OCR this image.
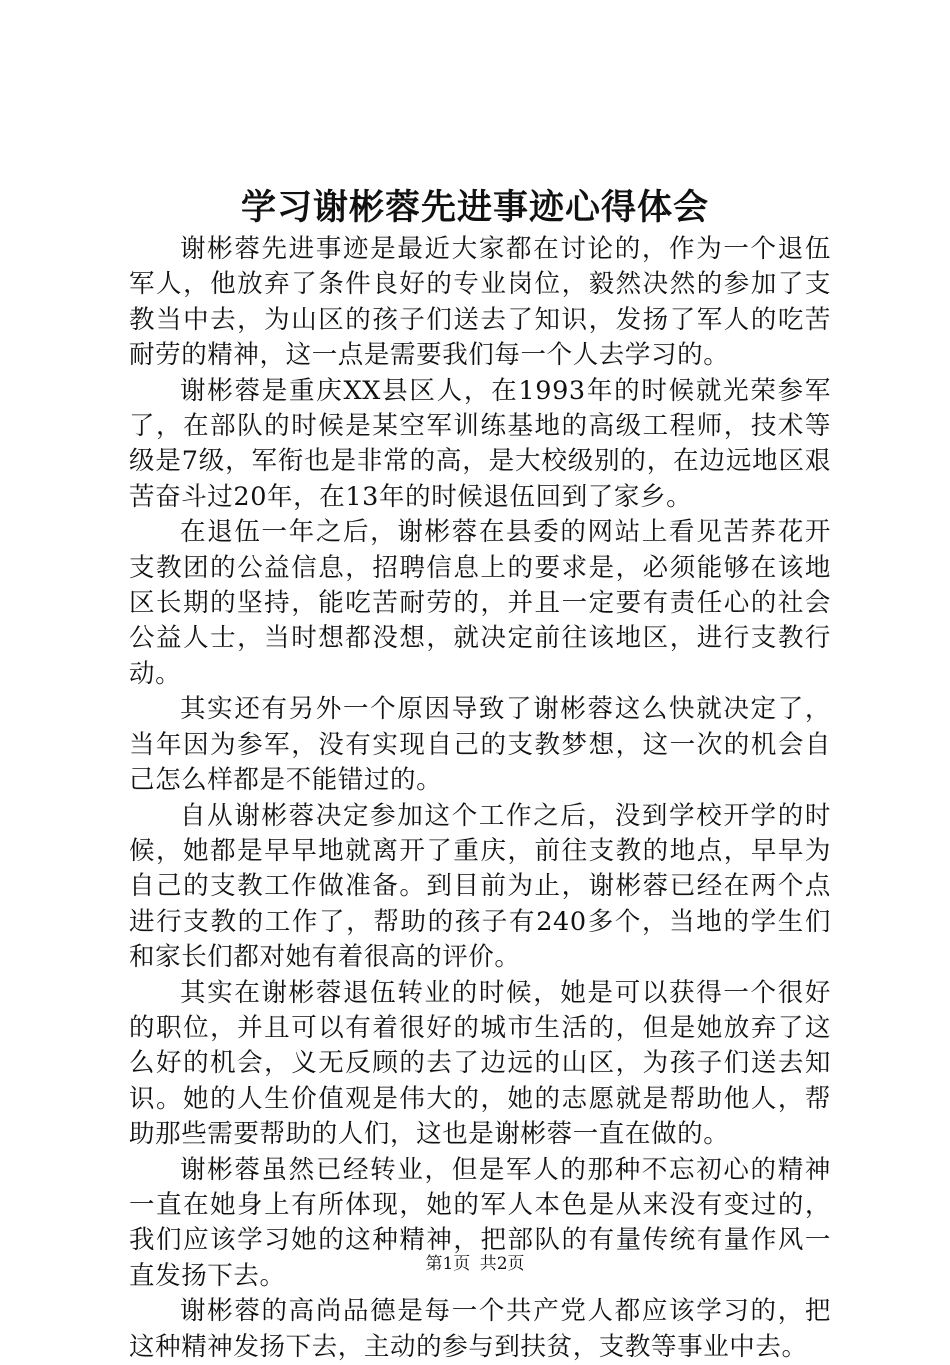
学习谢彬蓉先进事迹心得体会

谢彬蓉先进事迹是最近大家都在讨论的，作为一个退伍军人，他放弃了条件良好的专业岗位，毅然决然的参加了支教当中去，为山区的孩子们送去了知识，发扬了军人的吃苦耐劳的精神，这一点是需要我们每一个人去学习的。

谢彬蓉是重庆XX县区人，在1993年的时候就光荣参军了，在部队的时候是某空军训练基地的高级工程师，技术等级是7级，军衔也是非常的高，是大校级别的，在边远地区艰苦奋斗过20年，在13年的时候退伍回到了家乡。

在退伍一年之后，谢彬蓉在县委的网站上看见苦荞花开支教团的公益信息，招聘信息上的要求是，必须能够在该地区长期的坚持，能吃苦耐劳的，并且一定要有责任心的社会公益人士，当时想都没想，就决定前往该地区，进行支教行动。

其实还有另外一个原因导致了谢彬蓉这么快就决定了，当年因为参军，没有实现自己的支教梦想，这一次的机会自己怎么样都是不能错过的。

自从谢彬蓉决定参加这个工作之后，没到学校开学的时候，她都是早早地就离开了重庆，前往支教的地点，早早为自己的支教工作做准备。到目前为止，谢彬蓉已经在两个点进行支教的工作了，帮助的孩子有240多个，当地的学生们和家长们都对她有着很高的评价。

其实在谢彬蓉退伍转业的时候，她是可以获得一个很好的职位，并且可以有着很好的城市生活的，但是她放弃了这么好的机会，义无反顾的去了边远的山区，为孩子们送去知识。她的人生价值观是伟大的，她的志愿就是帮助他人，帮助那些需要帮助的人们，这也是谢彬蓉一直在做的。

谢彬蓉虽然已经转业，但是军人的那种不忘初心的精神一直在她身上有所体现，她的军人本色是从来没有变过的，我们应该学习她的这种精神，把部队的有量传统有量作风一直发扬下去。

谢彬蓉的高尚品德是每一个共产党人都应该学习的，把这种精神发扬下去，主动的参与到扶贫，支教等事业中去。

第1页 共2页
